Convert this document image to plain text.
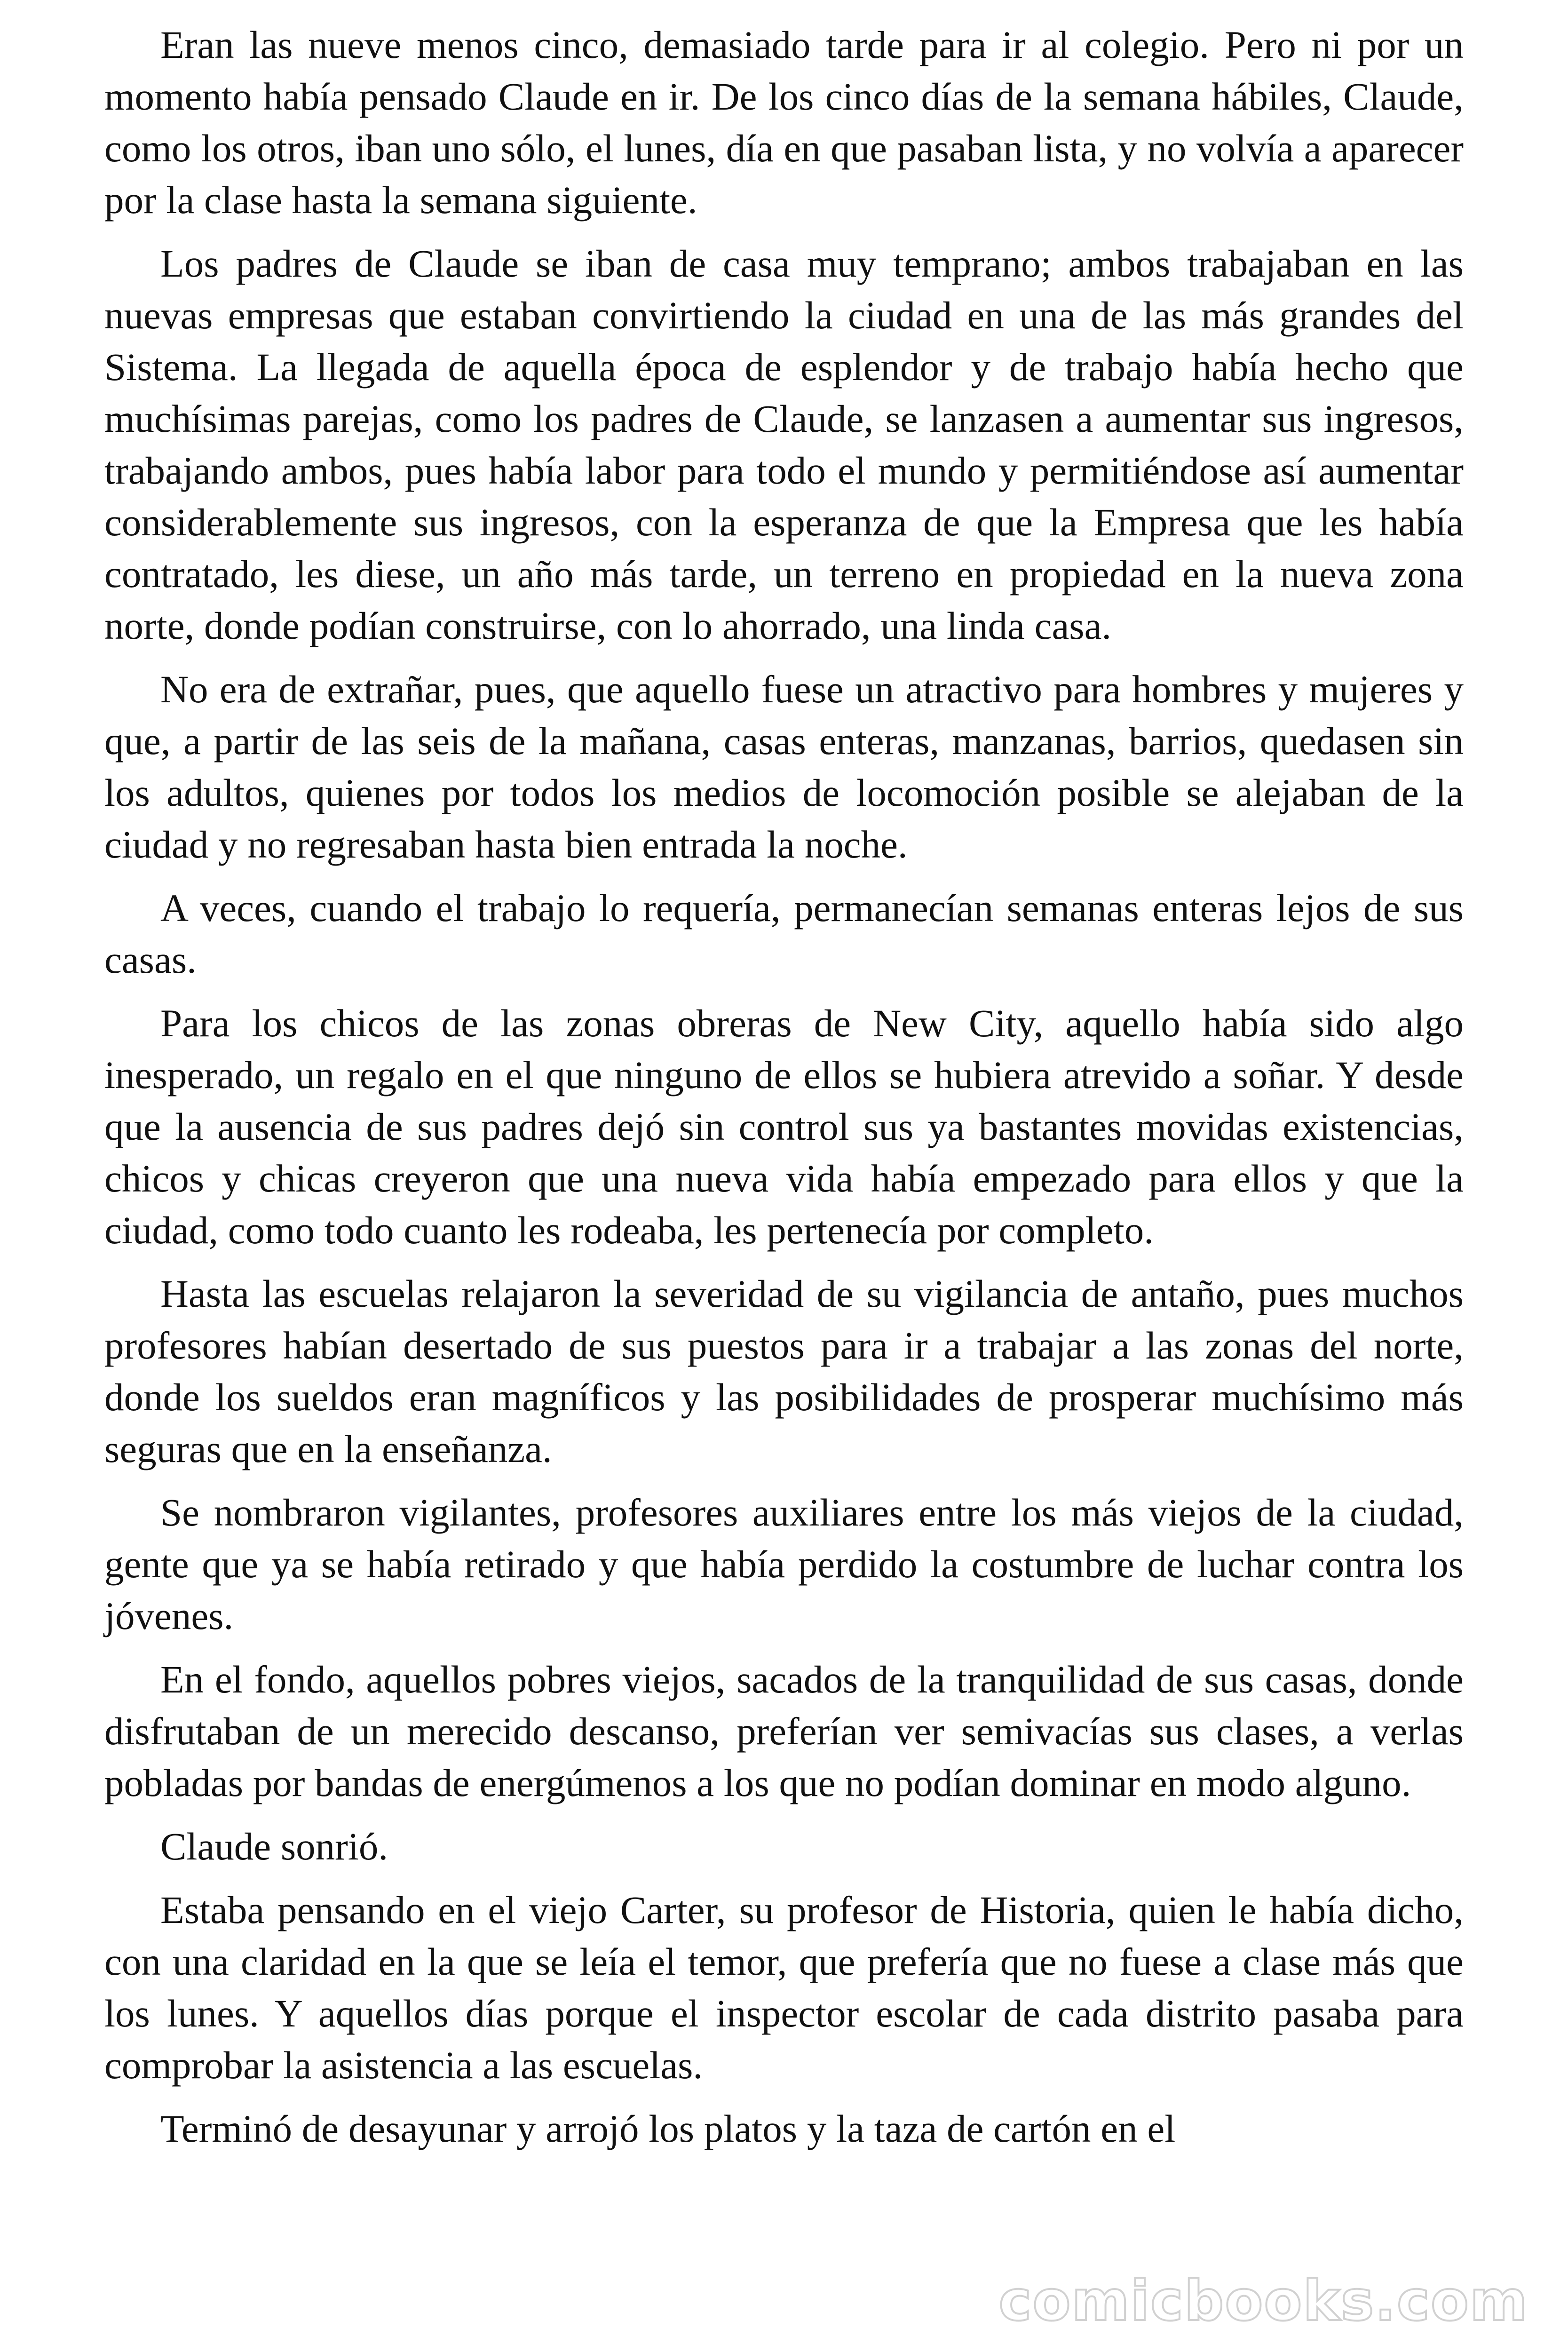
Eran las nueve menos cinco, demasiado tarde para ir al colegio. Pero ni por un momento había pensado Claude en ir. De los cinco días de la semana hábiles, Claude, como los otros, iban uno sólo, el lunes, día en que pasaban lista, y no volvía a aparecer por la clase hasta la semana siguiente.

Los padres de Claude se iban de casa muy temprano; ambos trabajaban en las nuevas empresas que estaban convirtiendo la ciudad en una de las más grandes del Sistema. La llegada de aquella época de esplendor y de trabajo había hecho que muchísimas parejas, como los padres de Claude, se lanzasen a aumentar sus ingresos, trabajando ambos, pues había labor para todo el mundo y permitiéndose así aumentar considerablemente sus ingresos, con la esperanza de que la Empresa que les había contratado, les diese, un año más tarde, un terreno en propiedad en la nueva zona norte, donde podían construirse, con lo ahorrado, una linda casa.

No era de extrañar, pues, que aquello fuese un atractivo para hombres y mujeres y que, a partir de las seis de la mañana, casas enteras, manzanas, barrios, quedasen sin los adultos, quienes por todos los medios de locomoción posible se alejaban de la ciudad y no regresaban hasta bien entrada la noche.

A veces, cuando el trabajo lo requería, permanecían semanas enteras lejos de sus casas.

Para los chicos de las zonas obreras de New City, aquello había sido algo inesperado, un regalo en el que ninguno de ellos se hubiera atrevido a soñar. Y desde que la ausencia de sus padres dejó sin control sus ya bastantes movidas existencias, chicos y chicas creyeron que una nueva vida había empezado para ellos y que la ciudad, como todo cuanto les rodeaba, les pertenecía por completo.

Hasta las escuelas relajaron la severidad de su vigilancia de antaño, pues muchos profesores habían desertado de sus puestos para ir a trabajar a las zonas del norte, donde los sueldos eran magníficos y las posibilidades de prosperar muchísimo más seguras que en la enseñanza.

Se nombraron vigilantes, profesores auxiliares entre los más viejos de la ciudad, gente que ya se había retirado y que había perdido la costumbre de luchar contra los jóvenes.

En el fondo, aquellos pobres viejos, sacados de la tranquilidad de sus casas, donde disfrutaban de un merecido descanso, preferían ver semivacías sus clases, a verlas pobladas por bandas de energúmenos a los que no podían dominar en modo alguno.

Claude sonrió.

Estaba pensando en el viejo Carter, su profesor de Historia, quien le había dicho, con una claridad en la que se leía el temor, que prefería que no fuese a clase más que los lunes. Y aquellos días porque el inspector escolar de cada distrito pasaba para comprobar la asistencia a las escuelas.

Terminó de desayunar y arrojó los platos y la taza de cartón en el

comicbooks.com
